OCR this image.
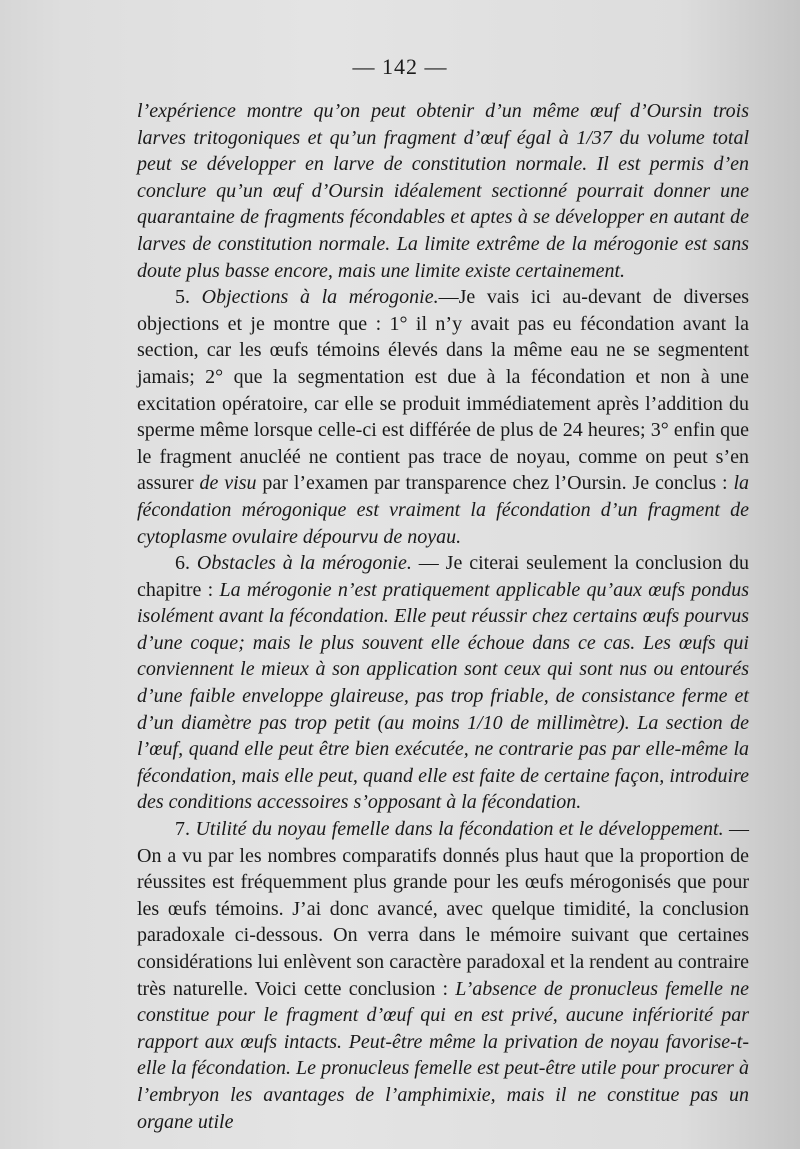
— 142 —

l’expérience montre qu’on peut obtenir d’un même œuf d’Oursin trois larves tritogoniques et qu’un fragment d’œuf égal à 1/37 du volume total peut se développer en larve de constitution normale. Il est permis d’en conclure qu’un œuf d’Oursin idéalement sectionné pourrait donner une quarantaine de fragments fécondables et aptes à se développer en autant de larves de constitution normale. La limite extrême de la mérogonie est sans doute plus basse encore, mais une limite existe certainement.

5. Objections à la mérogonie.—Je vais ici au-devant de diverses objections et je montre que : 1° il n’y avait pas eu fécondation avant la section, car les œufs témoins élevés dans la même eau ne se segmentent jamais; 2° que la segmentation est due à la fécondation et non à une excitation opératoire, car elle se produit immédiatement après l’addition du sperme même lorsque celle-ci est différée de plus de 24 heures; 3° enfin que le fragment anucléé ne contient pas trace de noyau, comme on peut s’en assurer de visu par l’examen par transparence chez l’Oursin. Je conclus : la fécondation mérogonique est vraiment la fécondation d’un fragment de cytoplasme ovulaire dépourvu de noyau.

6. Obstacles à la mérogonie. — Je citerai seulement la conclusion du chapitre : La mérogonie n’est pratiquement applicable qu’aux œufs pondus isolément avant la fécondation. Elle peut réussir chez certains œufs pourvus d’une coque; mais le plus souvent elle échoue dans ce cas. Les œufs qui conviennent le mieux à son application sont ceux qui sont nus ou entourés d’une faible enveloppe glaireuse, pas trop friable, de consistance ferme et d’un diamètre pas trop petit (au moins 1/10 de millimètre). La section de l’œuf, quand elle peut être bien exécutée, ne contrarie pas par elle-même la fécondation, mais elle peut, quand elle est faite de certaine façon, introduire des conditions accessoires s’opposant à la fécondation.

7. Utilité du noyau femelle dans la fécondation et le développement. — On a vu par les nombres comparatifs donnés plus haut que la proportion de réussites est fréquemment plus grande pour les œufs mérogonisés que pour les œufs témoins. J’ai donc avancé, avec quelque timidité, la conclusion paradoxale ci-dessous. On verra dans le mémoire suivant que certaines considérations lui enlèvent son caractère paradoxal et la rendent au contraire très naturelle. Voici cette conclusion : L’absence de pronucleus femelle ne constitue pour le fragment d’œuf qui en est privé, aucune infériorité par rapport aux œufs intacts. Peut-être même la privation de noyau favorise-t-elle la fécondation. Le pronucleus femelle est peut-être utile pour procurer à l’embryon les avantages de l’amphimixie, mais il ne constitue pas un organe utile
